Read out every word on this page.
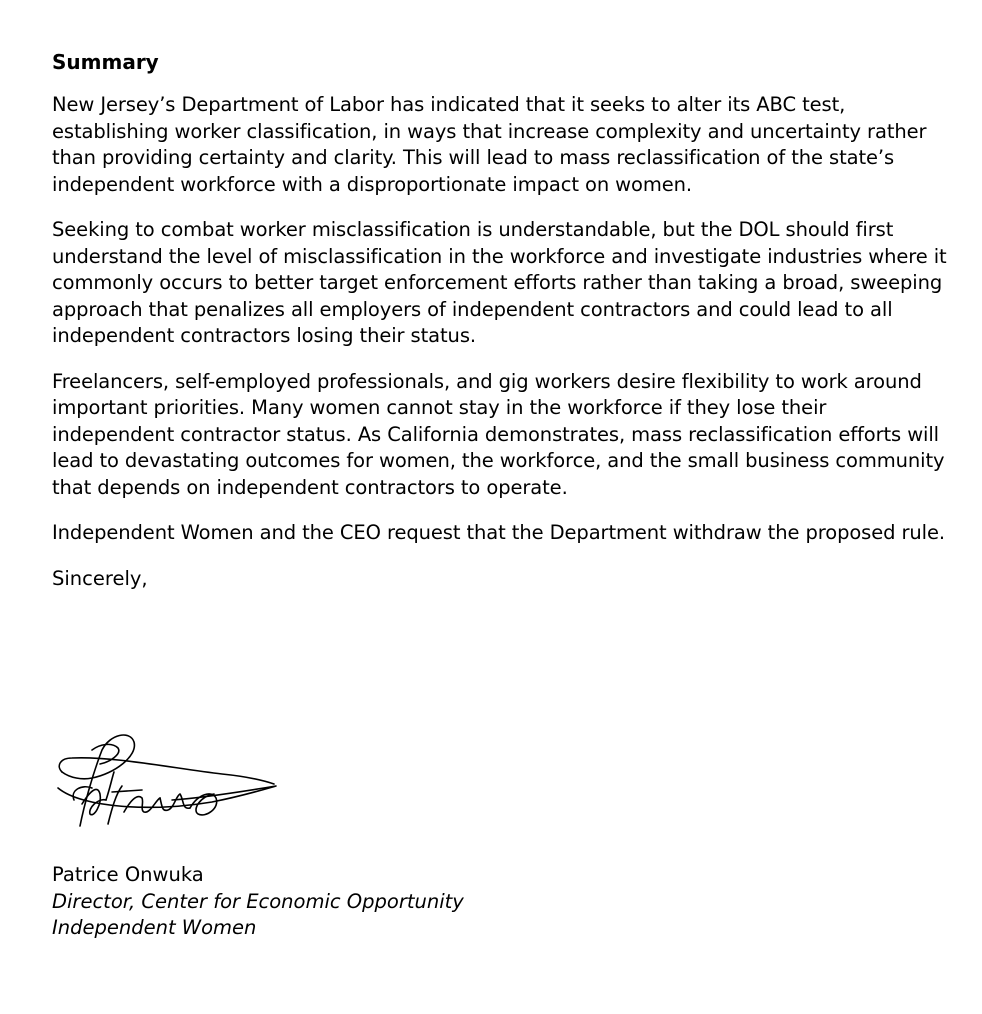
Summary

New Jersey’s Department of Labor has indicated that it seeks to alter its ABC test, establishing worker classification, in ways that increase complexity and uncertainty rather than providing certainty and clarity. This will lead to mass reclassification of the state’s independent workforce with a disproportionate impact on women.

Seeking to combat worker misclassification is understandable, but the DOL should first understand the level of misclassification in the workforce and investigate industries where it commonly occurs to better target enforcement efforts rather than taking a broad, sweeping approach that penalizes all employers of independent contractors and could lead to all independent contractors losing their status.

Freelancers, self-employed professionals, and gig workers desire flexibility to work around important priorities. Many women cannot stay in the workforce if they lose their independent contractor status. As California demonstrates, mass reclassification efforts will lead to devastating outcomes for women, the workforce, and the small business community that depends on independent contractors to operate.

Independent Women and the CEO request that the Department withdraw the proposed rule.

Sincerely,

Patrice Onwuka
Director, Center for Economic Opportunity
Independent Women
